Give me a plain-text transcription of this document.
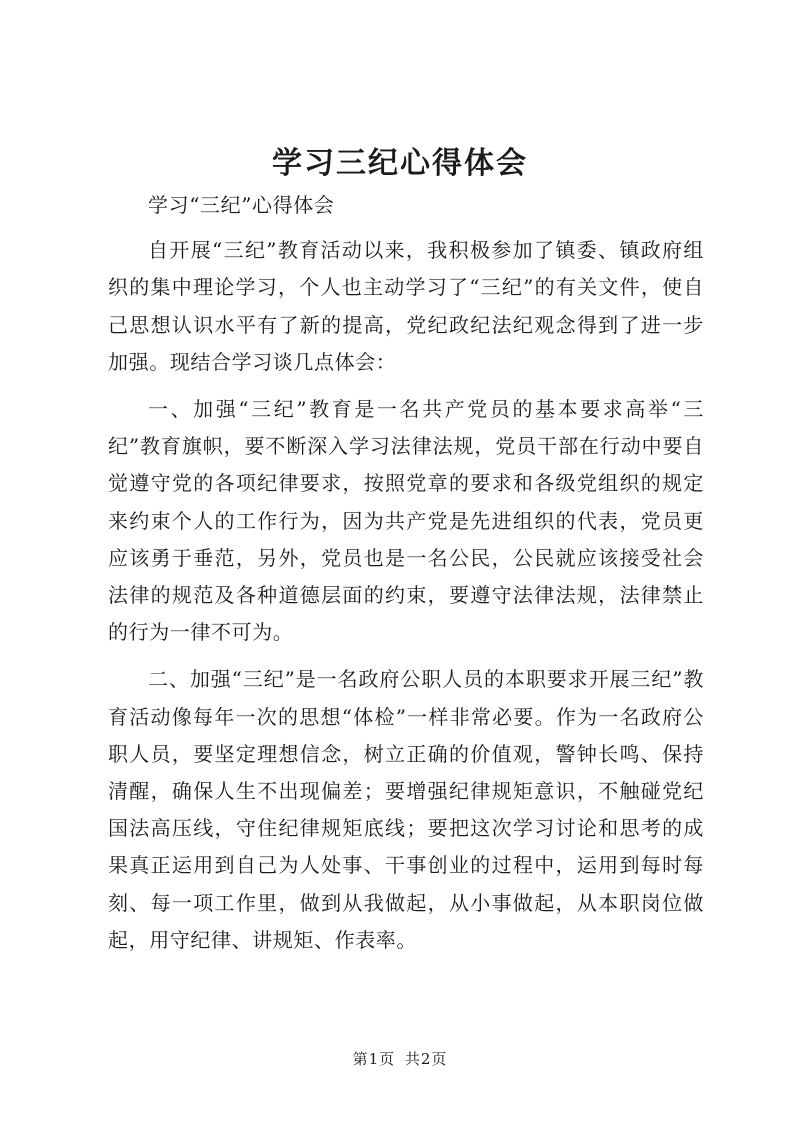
学习三纪心得体会

学习“三纪”心得体会

自开展“三纪”教育活动以来，我积极参加了镇委、镇政府组织的集中理论学习，个人也主动学习了“三纪”的有关文件，使自己思想认识水平有了新的提高，党纪政纪法纪观念得到了进一步加强。现结合学习谈几点体会：

一、加强“三纪”教育是一名共产党员的基本要求高举“三纪”教育旗帜，要不断深入学习法律法规，党员干部在行动中要自觉遵守党的各项纪律要求，按照党章的要求和各级党组织的规定来约束个人的工作行为，因为共产党是先进组织的代表，党员更应该勇于垂范，另外，党员也是一名公民，公民就应该接受社会法律的规范及各种道德层面的约束，要遵守法律法规，法律禁止的行为一律不可为。

二、加强“三纪”是一名政府公职人员的本职要求开展三纪”教育活动像每年一次的思想“体检”一样非常必要。作为一名政府公职人员，要坚定理想信念，树立正确的价值观，警钟长鸣、保持清醒，确保人生不出现偏差；要增强纪律规矩意识，不触碰党纪国法高压线，守住纪律规矩底线；要把这次学习讨论和思考的成果真正运用到自己为人处事、干事创业的过程中，运用到每时每刻、每一项工作里，做到从我做起，从小事做起，从本职岗位做起，用守纪律、讲规矩、作表率。

第1页 共2页
